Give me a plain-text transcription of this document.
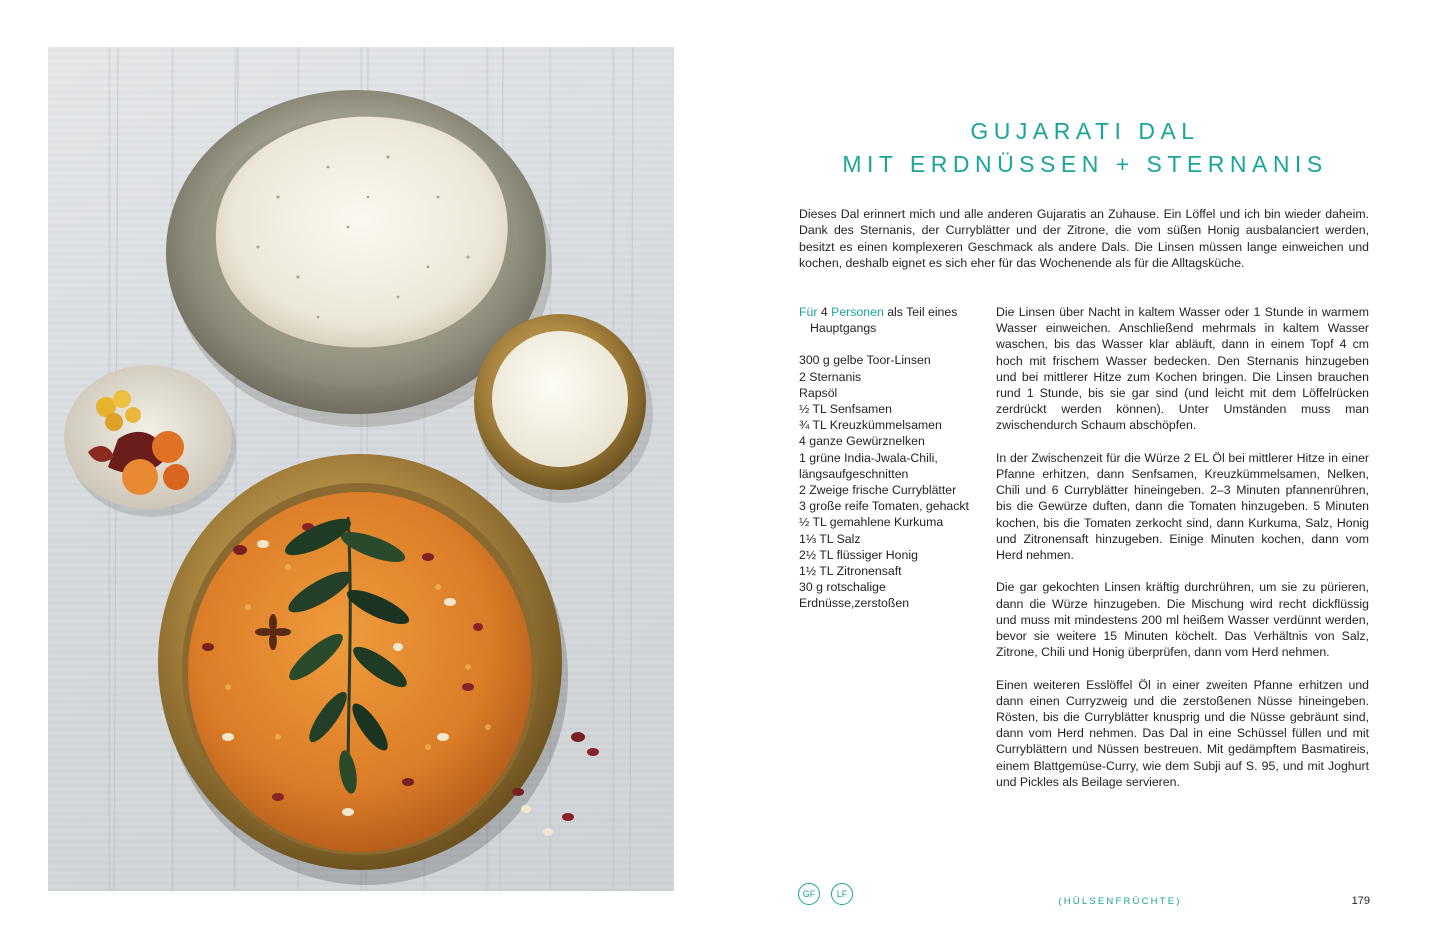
GUJARATI DAL
MIT ERDNÜSSEN + STERNANIS

Dieses Dal erinnert mich und alle anderen Gujaratis an Zuhause. Ein Löffel und ich bin wieder daheim. Dank des Sternanis, der Curryblätter und der Zitrone, die vom süßen Honig ausbalanciert werden, besitzt es einen komplexeren Geschmack als andere Dals. Die Linsen müssen lange einweichen und kochen, deshalb eignet es sich eher für das Wochenende als für die Alltagsküche.

Für 4 Personen als Teil eines
Hauptgangs

300 g gelbe Toor-Linsen
2 Sternanis
Rapsöl
½ TL Senfsamen
¾ TL Kreuzkümmelsamen
4 ganze Gewürznelken
1 grüne India-Jwala-Chili, längsaufgeschnitten
2 Zweige frische Curryblätter
3 große reife Tomaten, gehackt
½ TL gemahlene Kurkuma
1⅓ TL Salz
2½ TL flüssiger Honig
1½ TL Zitronensaft
30 g rotschalige Erdnüsse,zerstoßen

Die Linsen über Nacht in kaltem Wasser oder 1 Stunde in warmem Wasser einweichen. Anschließend mehrmals in kaltem Wasser waschen, bis das Wasser klar abläuft, dann in einem Topf 4 cm hoch mit frischem Wasser bedecken. Den Sternanis hinzugeben und bei mittlerer Hitze zum Kochen bringen. Die Linsen brauchen rund 1 Stunde, bis sie gar sind (und leicht mit dem Löffelrücken zerdrückt werden können). Unter Umständen muss man zwischendurch Schaum abschöpfen.

In der Zwischenzeit für die Würze 2 EL Öl bei mittlerer Hitze in einer Pfanne erhitzen, dann Senfsamen, Kreuzkümmelsamen, Nelken, Chili und 6 Curryblätter hineingeben. 2–3 Minuten pfannenrühren, bis die Gewürze duften, dann die Tomaten hinzugeben. 5 Minuten kochen, bis die Tomaten zerkocht sind, dann Kurkuma, Salz, Honig und Zitronensaft hinzugeben. Einige Minuten kochen, dann vom Herd nehmen.

Die gar gekochten Linsen kräftig durchrühren, um sie zu pürieren, dann die Würze hinzugeben. Die Mischung wird recht dickflüssig und muss mit mindestens 200 ml heißem Wasser verdünnt werden, bevor sie weitere 15 Minuten köchelt. Das Verhältnis von Salz, Zitrone, Chili und Honig überprüfen, dann vom Herd nehmen.

Einen weiteren Esslöffel Öl in einer zweiten Pfanne erhitzen und dann einen Curryzweig und die zerstoßenen Nüsse hineingeben. Rösten, bis die Curryblätter knusprig und die Nüsse gebräunt sind, dann vom Herd nehmen. Das Dal in eine Schüssel füllen und mit Curryblättern und Nüssen bestreuen. Mit gedämpftem Basmatireis, einem Blattgemüse-Curry, wie dem Subji auf S. 95, und mit Joghurt und Pickles als Beilage servieren.

GF	LF
(HÜLSENFRÜCHTE)	179
